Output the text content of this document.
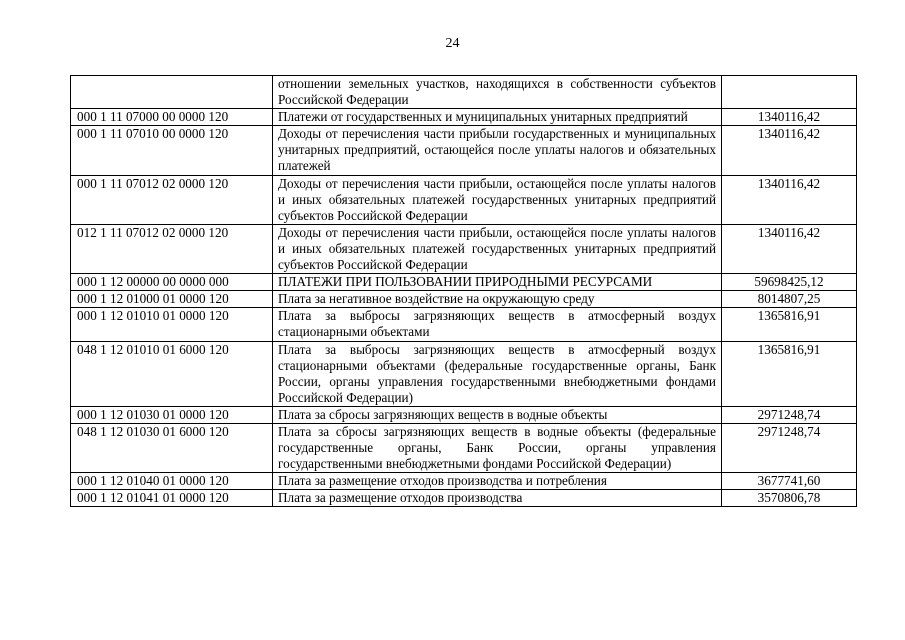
24
	отношении земельных участков, находящихся в собственности субъектов Российской Федерации	
000 1 11 07000 00 0000 120	Платежи от государственных и муниципальных унитарных предприятий	1340116,42
000 1 11 07010 00 0000 120	Доходы от перечисления части прибыли государственных и муниципальных унитарных предприятий, остающейся после уплаты налогов и обязательных платежей	1340116,42
000 1 11 07012 02 0000 120	Доходы от перечисления части прибыли, остающейся после уплаты налогов и иных обязательных платежей государственных унитарных предприятий субъектов Российской Федерации	1340116,42
012 1 11 07012 02 0000 120	Доходы от перечисления части прибыли, остающейся после уплаты налогов и иных обязательных платежей государственных унитарных предприятий субъектов Российской Федерации	1340116,42
000 1 12 00000 00 0000 000	ПЛАТЕЖИ ПРИ ПОЛЬЗОВАНИИ ПРИРОДНЫМИ РЕСУРСАМИ	59698425,12
000 1 12 01000 01 0000 120	Плата за негативное воздействие на окружающую среду	8014807,25
000 1 12 01010 01 0000 120	Плата за выбросы загрязняющих веществ в атмосферный воздух стационарными объектами	1365816,91
048 1 12 01010 01 6000 120	Плата за выбросы загрязняющих веществ в атмосферный воздух стационарными объектами (федеральные государственные органы, Банк России, органы управления государственными внебюджетными фондами Российской Федерации)	1365816,91
000 1 12 01030 01 0000 120	Плата за сбросы загрязняющих веществ в водные объекты	2971248,74
048 1 12 01030 01 6000 120	Плата за сбросы загрязняющих веществ в водные объекты (федеральные государственные органы, Банк России, органы управления государственными внебюджетными фондами Российской Федерации)	2971248,74
000 1 12 01040 01 0000 120	Плата за размещение отходов производства и потребления	3677741,60
000 1 12 01041 01 0000 120	Плата за размещение отходов производства	3570806,78
